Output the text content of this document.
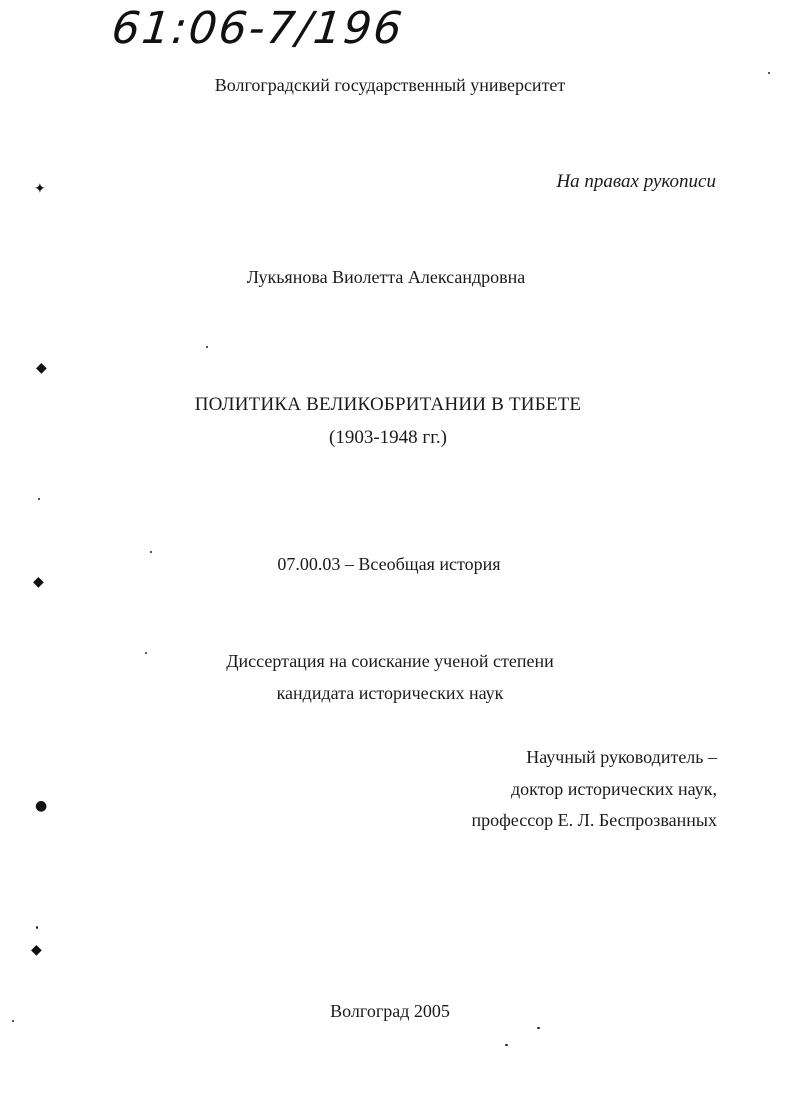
61:06-7/196
Волгоградский государственный университет
На правах рукописи
Лукьянова Виолетта Александровна
ПОЛИТИКА ВЕЛИКОБРИТАНИИ В ТИБЕТЕ
(1903-1948 гг.)
07.00.03 – Всеобщая история
Диссертация на соискание ученой степени
кандидата исторических наук
Научный руководитель –
доктор исторических наук,
профессор Е. Л. Беспрозванных
Волгоград 2005
✦
◆
◆
●
◆
